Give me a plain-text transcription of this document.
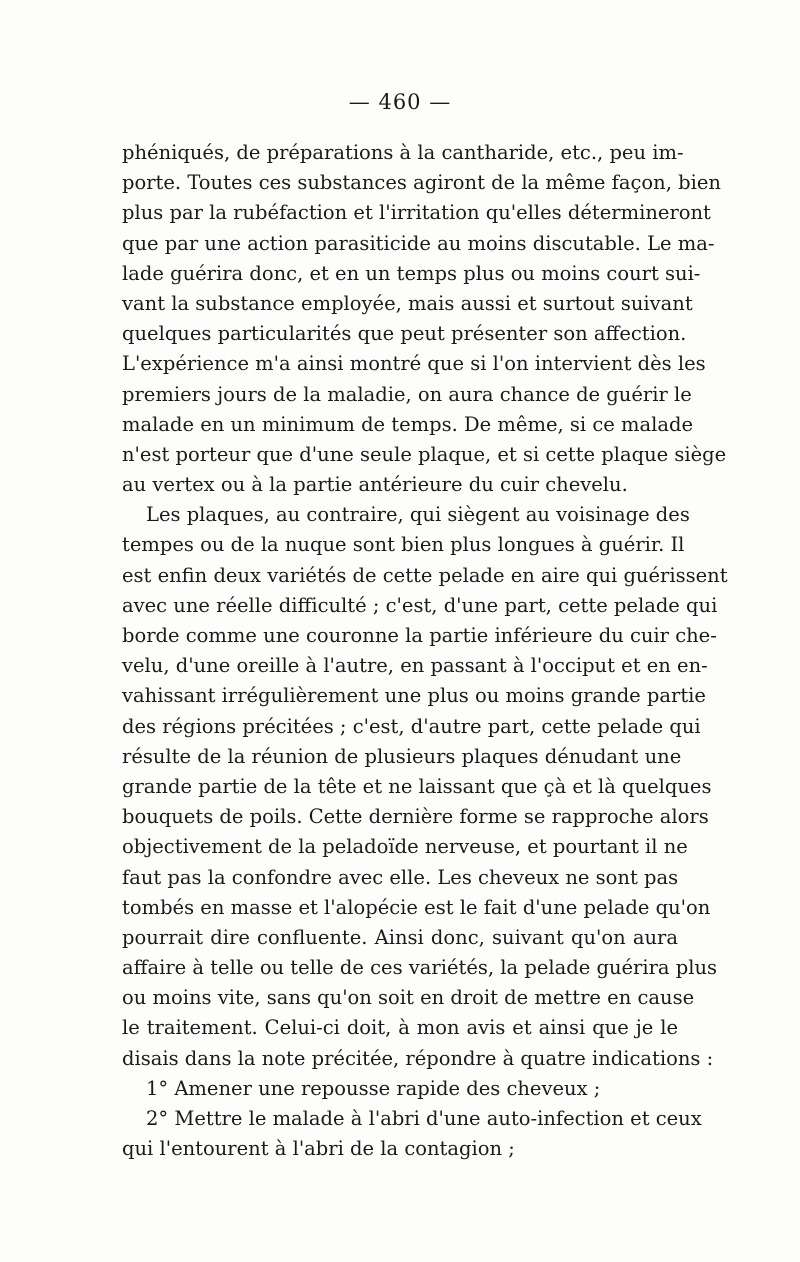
— 460 —
phéniqués, de préparations à la cantharide, etc., peu im-
porte. Toutes ces substances agiront de la même façon, bien
plus par la rubéfaction et l'irritation qu'elles détermineront
que par une action parasiticide au moins discutable. Le ma-
lade guérira donc, et en un temps plus ou moins court sui-
vant la substance employée, mais aussi et surtout suivant
quelques particularités que peut présenter son affection.
L'expérience m'a ainsi montré que si l'on intervient dès les
premiers jours de la maladie, on aura chance de guérir le
malade en un minimum de temps. De même, si ce malade
n'est porteur que d'une seule plaque, et si cette plaque siège
au vertex ou à la partie antérieure du cuir chevelu.
Les plaques, au contraire, qui siègent au voisinage des
tempes ou de la nuque sont bien plus longues à guérir. Il
est enfin deux variétés de cette pelade en aire qui guérissent
avec une réelle difficulté ; c'est, d'une part, cette pelade qui
borde comme une couronne la partie inférieure du cuir che-
velu, d'une oreille à l'autre, en passant à l'occiput et en en-
vahissant irrégulièrement une plus ou moins grande partie
des régions précitées ; c'est, d'autre part, cette pelade qui
résulte de la réunion de plusieurs plaques dénudant une
grande partie de la tête et ne laissant que çà et là quelques
bouquets de poils. Cette dernière forme se rapproche alors
objectivement de la peladoïde nerveuse, et pourtant il ne
faut pas la confondre avec elle. Les cheveux ne sont pas
tombés en masse et l'alopécie est le fait d'une pelade qu'on
pourrait dire confluente. Ainsi donc, suivant qu'on aura
affaire à telle ou telle de ces variétés, la pelade guérira plus
ou moins vite, sans qu'on soit en droit de mettre en cause
le traitement. Celui-ci doit, à mon avis et ainsi que je le
disais dans la note précitée, répondre à quatre indications :
1° Amener une repousse rapide des cheveux ;
2° Mettre le malade à l'abri d'une auto-infection et ceux
qui l'entourent à l'abri de la contagion ;
